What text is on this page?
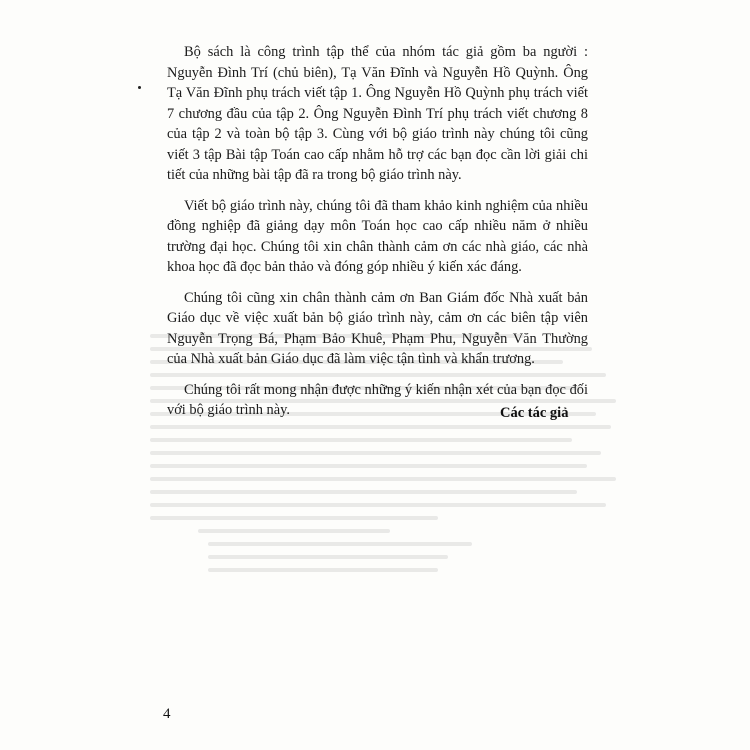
Bộ sách là công trình tập thể của nhóm tác giả gồm ba người : Nguyễn Đình Trí (chủ biên), Tạ Văn Đĩnh và Nguyễn Hồ Quỳnh. Ông Tạ Văn Đĩnh phụ trách viết tập 1. Ông Nguyễn Hồ Quỳnh phụ trách viết 7 chương đầu của tập 2. Ông Nguyễn Đình Trí phụ trách viết chương 8 của tập 2 và toàn bộ tập 3. Cùng với bộ giáo trình này chúng tôi cũng viết 3 tập Bài tập Toán cao cấp nhằm hỗ trợ các bạn đọc cần lời giải chi tiết của những bài tập đã ra trong bộ giáo trình này.

Viết bộ giáo trình này, chúng tôi đã tham khảo kinh nghiệm của nhiều đồng nghiệp đã giảng dạy môn Toán học cao cấp nhiều năm ở nhiều trường đại học. Chúng tôi xin chân thành cảm ơn các nhà giáo, các nhà khoa học đã đọc bản thảo và đóng góp nhiều ý kiến xác đáng.

Chúng tôi cũng xin chân thành cảm ơn Ban Giám đốc Nhà xuất bản Giáo dục về việc xuất bản bộ giáo trình này, cảm ơn các biên tập viên Nguyễn Trọng Bá, Phạm Bảo Khuê, Phạm Phu, Nguyễn Văn Thường của Nhà xuất bản Giáo dục đã làm việc tận tình và khẩn trương.

Chúng tôi rất mong nhận được những ý kiến nhận xét của bạn đọc đối với bộ giáo trình này.	Các tác giả
4
